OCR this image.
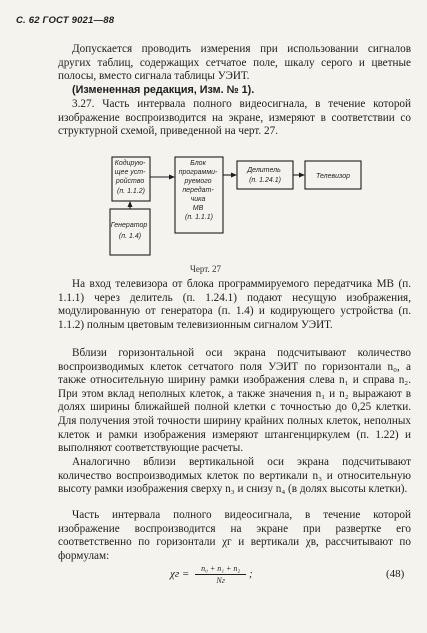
С. 62 ГОСТ 9021—88

Допускается проводить измерения при использовании сигналов других таблиц, содержащих сетчатое поле, шкалу серого и цветные полосы, вместо сигнала таблицы УЭИТ.

(Измененная редакция, Изм. № 1).

3.27. Часть интервала полного видеосигнала, в течение которой изображение воспроизводится на экране, измеряют в соответствии со структурной схемой, приведенной на черт. 27.

Кодирую- щее уст- ройство (п. 1.1.2)
Генератор (п. 1.4)
Блок программи- руемого передат- чика МВ (п. 1.1.1)
Делитель (п. 1.24.1)
Телевизор
Черт. 27

На вход телевизора от блока программируемого передатчика МВ (п. 1.1.1) через делитель (п. 1.24.1) подают несущую изображения, модулированную от генератора (п. 1.4) и кодирующего устройства (п. 1.1.2) полным цветовым телевизионным сигналом УЭИТ.

Вблизи горизонтальной оси экрана подсчитывают количество воспроизводимых клеток сетчатого поля УЭИТ по горизонтали n₀, а также относительную ширину рамки изображения слева n₁ и справа n₂. При этом вклад неполных клеток, а также значения n₁ и n₂ выражают в долях ширины ближайшей полной клетки с точностью до 0,25 клетки. Для получения этой точности ширину крайних полных клеток, неполных клеток и рамки изображения измеряют штангенциркулем (п. 1.22) и выполняют соответствующие расчеты.

Аналогично вблизи вертикальной оси экрана подсчитывают количество воспроизводимых клеток по вертикали n₃ и относительную высоту рамки изображения сверху n₃ и снизу n₄ (в долях высоты клетки).

Часть интервала полного видеосигнала, в течение которой изображение воспроизводится на экране при развертке его соответственно по горизонтали χг и вертикали χв, рассчитывают по формулам:

$\chi г = \frac{\text{n₀ + n₁ + n₂}}{Nг}$ ;	(48)
